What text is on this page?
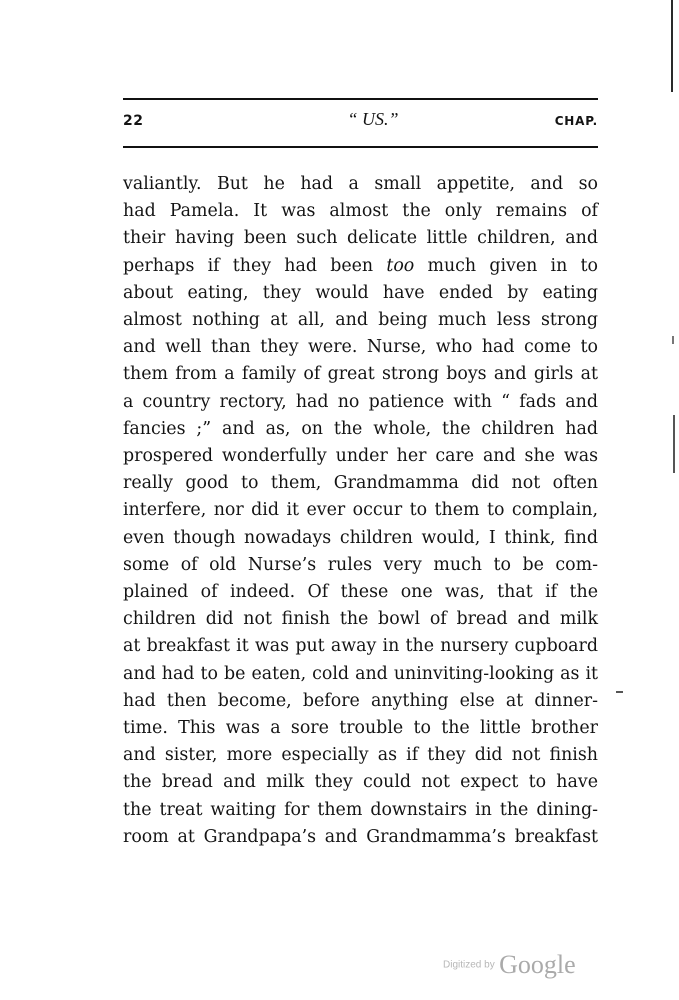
22	“ US.”	CHAP.
valiantly. But he had a small appetite, and so
had Pamela. It was almost the only remains of
their having been such delicate little children, and
perhaps if they had been too much given in to
about eating, they would have ended by eating
almost nothing at all, and being much less strong
and well than they were. Nurse, who had come to
them from a family of great strong boys and girls at
a country rectory, had no patience with “ fads and
fancies ;” and as, on the whole, the children had
prospered wonderfully under her care and she was
really good to them, Grandmamma did not often
interfere, nor did it ever occur to them to complain,
even though nowadays children would, I think, find
some of old Nurse’s rules very much to be com-
plained of indeed. Of these one was, that if the
children did not finish the bowl of bread and milk
at breakfast it was put away in the nursery cupboard
and had to be eaten, cold and uninviting-looking as it
had then become, before anything else at dinner-
time. This was a sore trouble to the little brother
and sister, more especially as if they did not finish
the bread and milk they could not expect to have
the treat waiting for them downstairs in the dining-
room at Grandpapa’s and Grandmamma’s breakfast
Digitized by Google
